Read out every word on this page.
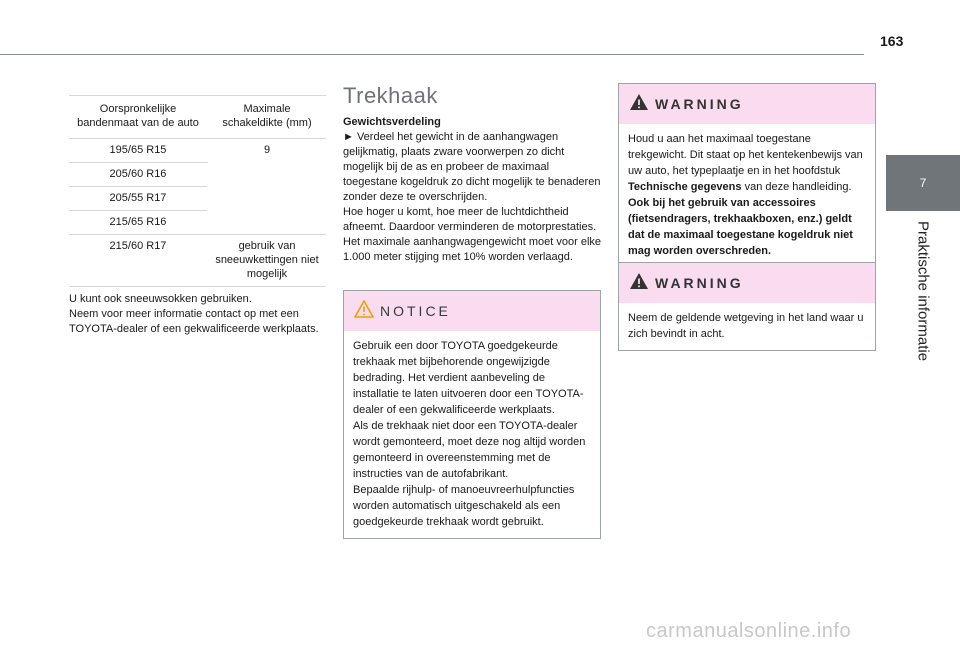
163
7
Praktische informatie
Oorspronkelijke bandenmaat van de auto	Maximale schakeldikte (mm)
195/65 R15	9
205/60 R16	
205/55 R17	
215/65 R16	
215/60 R17	gebruik van sneeuwkettingen niet mogelijk
U kunt ook sneeuwsokken gebruiken.
Neem voor meer informatie contact op met een TOYOTA-dealer of een gekwalificeerde werkplaats.
Trekhaak
Gewichtsverdeling
► Verdeel het gewicht in de aanhangwagen gelijkmatig, plaats zware voorwerpen zo dicht mogelijk bij de as en probeer de maximaal toegestane kogeldruk zo dicht mogelijk te benaderen zonder deze te overschrijden.
Hoe hoger u komt, hoe meer de luchtdichtheid afneemt. Daardoor verminderen de motorprestaties. Het maximale aanhangwagengewicht moet voor elke 1.000 meter stijging met 10% worden verlaagd.
NOTICE
Gebruik een door TOYOTA goedgekeurde trekhaak met bijbehorende ongewijzigde bedrading. Het verdient aanbeveling de installatie te laten uitvoeren door een TOYOTA-dealer of een gekwalificeerde werkplaats.
Als de trekhaak niet door een TOYOTA-dealer wordt gemonteerd, moet deze nog altijd worden gemonteerd in overeenstemming met de instructies van de autofabrikant.
Bepaalde rijhulp- of manoeuvreerhulpfuncties worden automatisch uitgeschakeld als een goedgekeurde trekhaak wordt gebruikt.
WARNING
Houd u aan het maximaal toegestane trekgewicht. Dit staat op het kentekenbewijs van uw auto, het typeplaatje en in het hoofdstuk Technische gegevens van deze handleiding.
Ook bij het gebruik van accessoires (fietsendragers, trekhaakboxen, enz.) geldt dat de maximaal toegestane kogeldruk niet mag worden overschreden.
WARNING
Neem de geldende wetgeving in het land waar u zich bevindt in acht.
carmanualsonline.info
